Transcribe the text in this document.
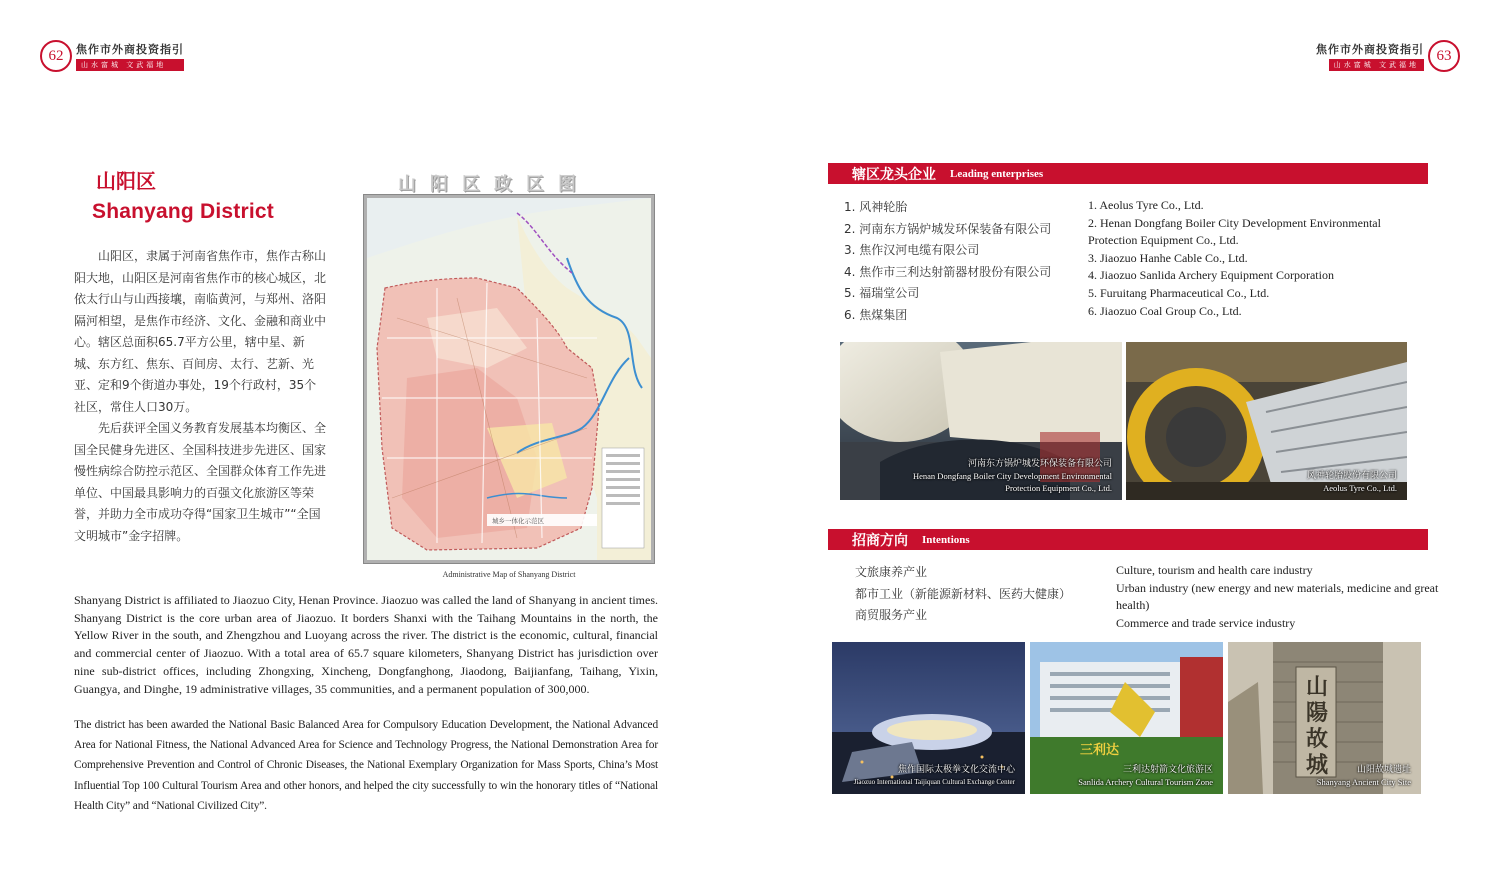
62	焦作市外商投资指引
山水富城 文武福地
63
焦作市外商投资指引
山水富城 文武福地
山阳区
Shanyang District

山阳区，隶属于河南省焦作市，焦作古称山阳大地，山阳区是河南省焦作市的核心城区，北依太行山与山西接壤，南临黄河，与郑州、洛阳隔河相望，是焦作市经济、文化、金融和商业中心。辖区总面积65.7平方公里，辖中星、新城、东方红、焦东、百间房、太行、艺新、光亚、定和9个街道办事处，19个行政村，35个社区，常住人口30万。

先后获评全国义务教育发展基本均衡区、全国全民健身先进区、全国科技进步先进区、国家慢性病综合防控示范区、全国群众体育工作先进单位、中国最具影响力的百强文化旅游区等荣誉，并助力全市成功夺得“国家卫生城市”“全国文明城市”金字招牌。

山阳区政区图
城乡一体化示范区
Administrative Map of Shanyang District
Shanyang District is affiliated to Jiaozuo City, Henan Province. Jiaozuo was called the land of Shanyang in ancient times. Shanyang District is the core urban area of Jiaozuo. It borders Shanxi with the Taihang Mountains in the north, the Yellow River in the south, and Zhengzhou and Luoyang across the river. The district is the economic, cultural, financial and commercial center of Jiaozuo. With a total area of 65.7 square kilometers, Shanyang District has jurisdiction over nine sub-district offices, including Zhongxing, Xincheng, Dongfanghong, Jiaodong, Baijianfang, Taihang, Yixin, Guangya, and Dinghe, 19 administrative villages, 35 communities, and a permanent population of 300,000.
The district has been awarded the National Basic Balanced Area for Compulsory Education Development, the National Advanced Area for National Fitness, the National Advanced Area for Science and Technology Progress, the National Demonstration Area for Comprehensive Prevention and Control of Chronic Diseases, the National Exemplary Organization for Mass Sports, China’s Most Influential Top 100 Cultural Tourism Area and other honors, and helped the city successfully to win the honorary titles of “National Health City” and “National Civilized City”.
辖区龙头企业 Leading enterprises
1. 风神轮胎
2. 河南东方锅炉城发环保装备有限公司
3. 焦作汉河电缆有限公司
4. 焦作市三利达射箭器材股份有限公司
5. 福瑞堂公司
6. 焦煤集团
1. Aeolus Tyre Co., Ltd.
2. Henan Dongfang Boiler City Development Environmental Protection Equipment Co., Ltd.
3. Jiaozuo Hanhe Cable Co., Ltd.
4. Jiaozuo Sanlida Archery Equipment Corporation
5. Furuitang Pharmaceutical Co., Ltd.
6. Jiaozuo Coal Group Co., Ltd.
河南东方锅炉城发环保装备有限公司
Henan Dongfang Boiler City Development Environmental Protection Equipment Co., Ltd.
风神轮胎股份有限公司
Aeolus Tyre Co., Ltd.
招商方向 Intentions
文旅康养产业
都市工业（新能源新材料、医药大健康）
商贸服务产业
Culture, tourism and health care industry
Urban industry (new energy and new materials, medicine and great health)
Commerce and trade service industry
焦作国际太极拳文化交流中心
Jiaozuo International Taijiquan Cultural Exchange Center
三利达
三利达射箭文化旅游区
Sanlida Archery Cultural Tourism Zone
山
陽
故
城	山阳故城遗址
Shanyang Ancient City Site
